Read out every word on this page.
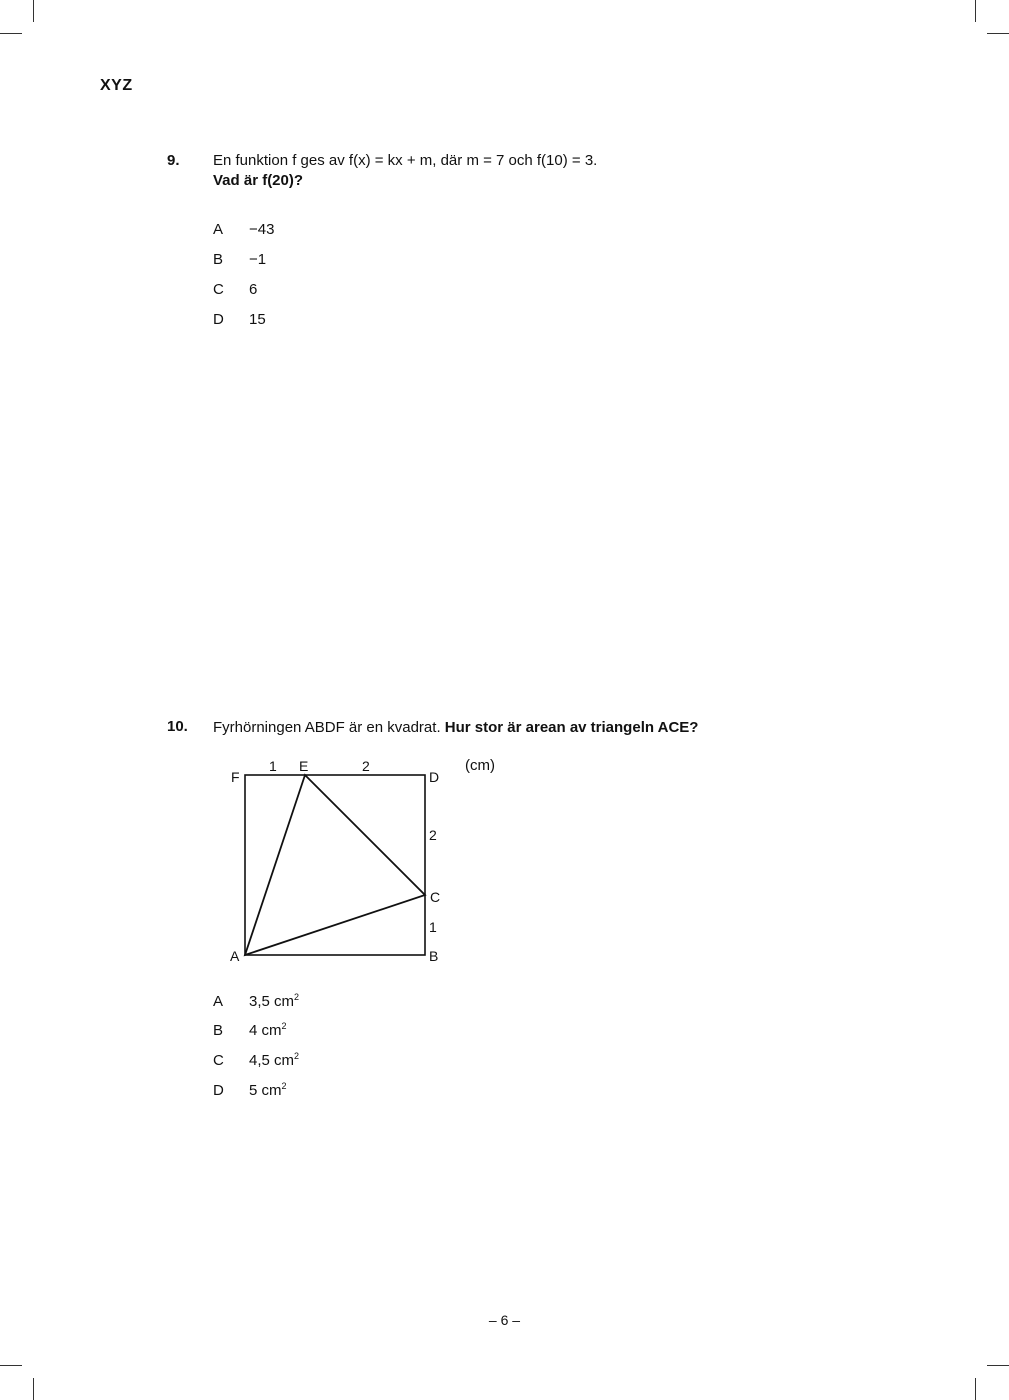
XYZ
9. En funktion f ges av f(x) = kx + m, där m = 7 och f(10) = 3.
Vad är f(20)?
A −43
B −1
C 6
D 15
10. Fyrhörningen ABDF är en kvadrat. Hur stor är arean av triangeln ACE?
(cm)
F
E
D
C
A	B
1	2
2
1
A 3,5 $cm^2$
B 4 $cm^2$
C 4,5 $cm^2$
D 5 $cm^2$
– 6 –
